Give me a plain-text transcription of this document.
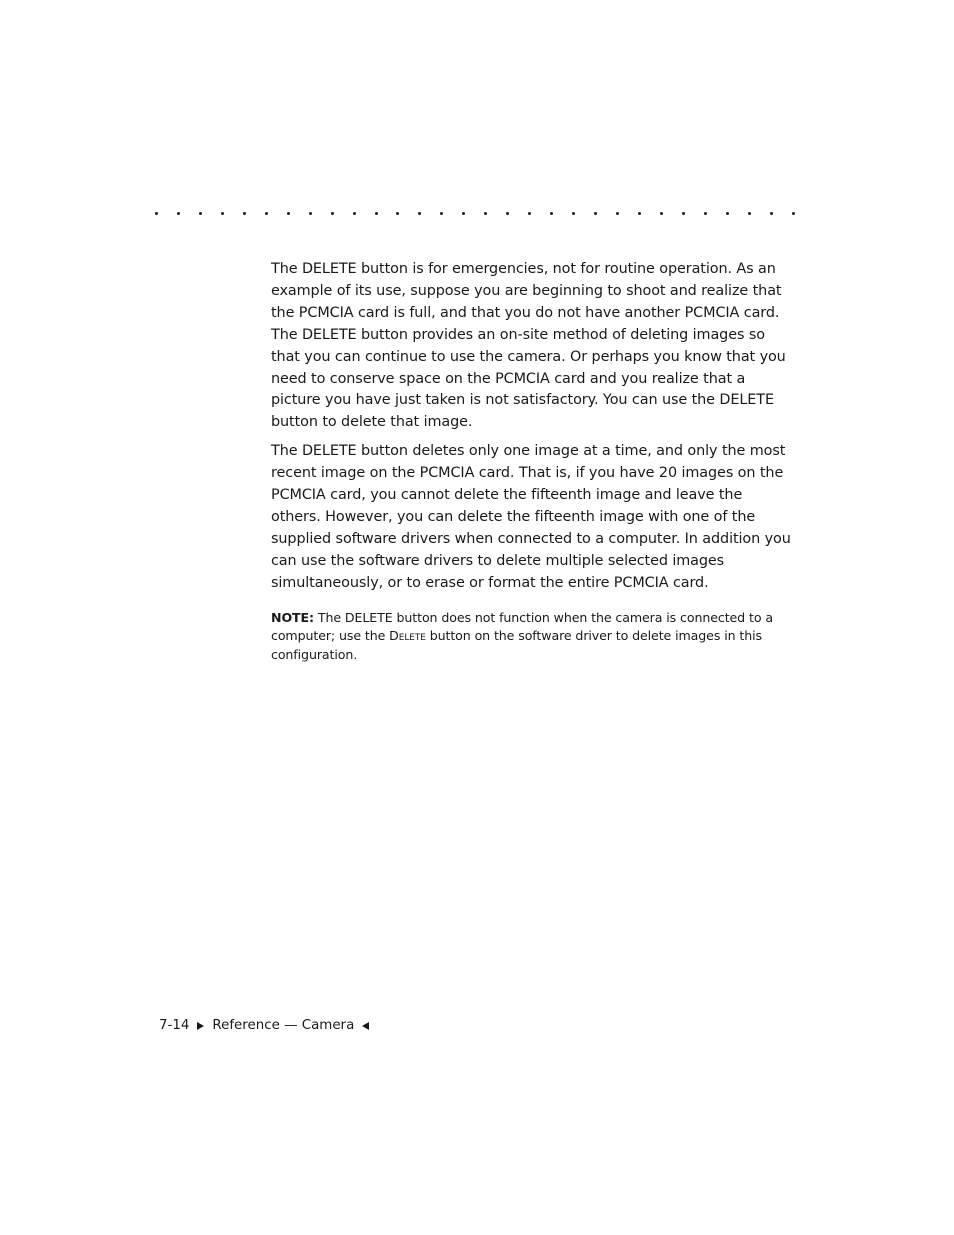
The DELETE button is for emergencies, not for routine operation. As an example of its use, suppose you are beginning to shoot and realize that the PCMCIA card is full, and that you do not have another PCMCIA card. The DELETE button provides an on-site method of deleting images so that you can continue to use the camera. Or perhaps you know that you need to conserve space on the PCMCIA card and you realize that a picture you have just taken is not satisfactory. You can use the DELETE button to delete that image.

The DELETE button deletes only one image at a time, and only the most recent image on the PCMCIA card. That is, if you have 20 images on the PCMCIA card, you cannot delete the fifteenth image and leave the others. However, you can delete the fifteenth image with one of the supplied software drivers when connected to a computer. In addition you can use the software drivers to delete multiple selected images simultaneously, or to erase or format the entire PCMCIA card.

NOTE: The DELETE button does not function when the camera is connected to a computer; use the Delete button on the software driver to delete images in this configuration.

7-14 Reference — Camera
